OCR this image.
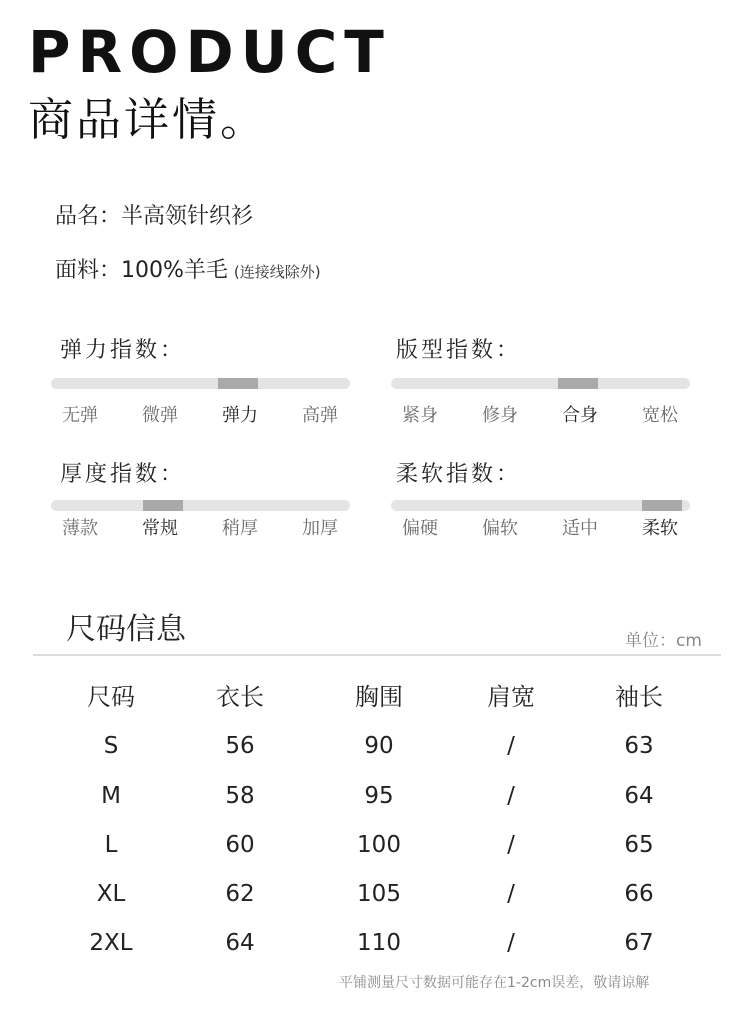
PRODUCT
商品详情。
品名：半高领针织衫
面料：100%羊毛 (连接线除外)
弹力指数：
无弹	微弹	弹力	高弹
版型指数：
紧身	修身	合身	宽松
厚度指数：
薄款	常规	稍厚	加厚
柔软指数：
偏硬	偏软	适中	柔软
尺码信息	单位：cm
尺码	衣长	胸围	肩宽	袖长
S	56	90	/	63
M	58	95	/	64
L	60	100	/	65
XL	62	105	/	66
2XL	64	110	/	67
平铺测量尺寸数据可能存在1-2cm误差，敬请谅解
